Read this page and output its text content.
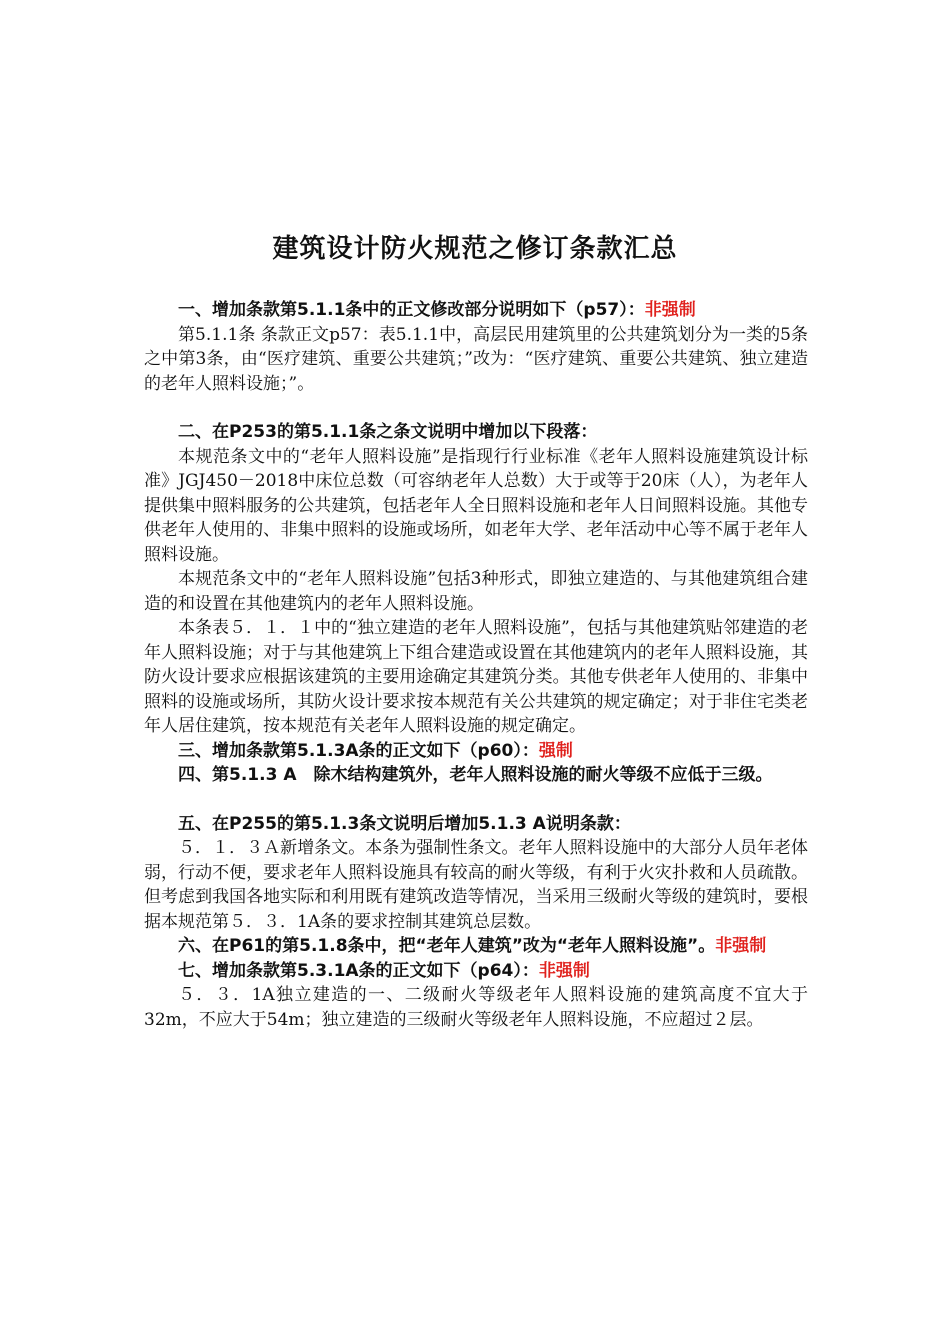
建筑设计防火规范之修订条款汇总

一、增加条款第5.1.1条中的正文修改部分说明如下（p57）：非强制

第5.1.1条 条款正文p57：表5.1.1中，高层民用建筑里的公共建筑划分为一类的5条之中第3条，由“医疗建筑、重要公共建筑；”改为：“医疗建筑、重要公共建筑、独立建造的老年人照料设施；”。

二、在P253的第5.1.1条之条文说明中增加以下段落：

本规范条文中的“老年人照料设施”是指现行行业标准《老年人照料设施建筑设计标准》JGJ450－2018中床位总数（可容纳老年人总数）大于或等于20床（人），为老年人提供集中照料服务的公共建筑，包括老年人全日照料设施和老年人日间照料设施。其他专供老年人使用的、非集中照料的设施或场所，如老年大学、老年活动中心等不属于老年人照料设施。

本规范条文中的“老年人照料设施”包括3种形式，即独立建造的、与其他建筑组合建造的和设置在其他建筑内的老年人照料设施。

本条表５．１．１中的“独立建造的老年人照料设施”，包括与其他建筑贴邻建造的老年人照料设施；对于与其他建筑上下组合建造或设置在其他建筑内的老年人照料设施，其防火设计要求应根据该建筑的主要用途确定其建筑分类。其他专供老年人使用的、非集中照料的设施或场所，其防火设计要求按本规范有关公共建筑的规定确定；对于非住宅类老年人居住建筑，按本规范有关老年人照料设施的规定确定。

三、增加条款第5.1.3A条的正文如下（p60）：强制

四、第5.1.3 A　除木结构建筑外，老年人照料设施的耐火等级不应低于三级。

五、在P255的第5.1.3条文说明后增加5.1.3 A说明条款：

５．１．３Ａ新增条文。本条为强制性条文。老年人照料设施中的大部分人员年老体弱，行动不便，要求老年人照料设施具有较高的耐火等级，有利于火灾扑救和人员疏散。但考虑到我国各地实际和利用既有建筑改造等情况，当采用三级耐火等级的建筑时，要根据本规范第５．３．1A条的要求控制其建筑总层数。

六、在P61的第5.1.8条中，把“老年人建筑”改为“老年人照料设施”。非强制

七、增加条款第5.3.1A条的正文如下（p64）：非强制

５．３．1A独立建造的一、二级耐火等级老年人照料设施的建筑高度不宜大于32m，不应大于54m；独立建造的三级耐火等级老年人照料设施，不应超过２层。
